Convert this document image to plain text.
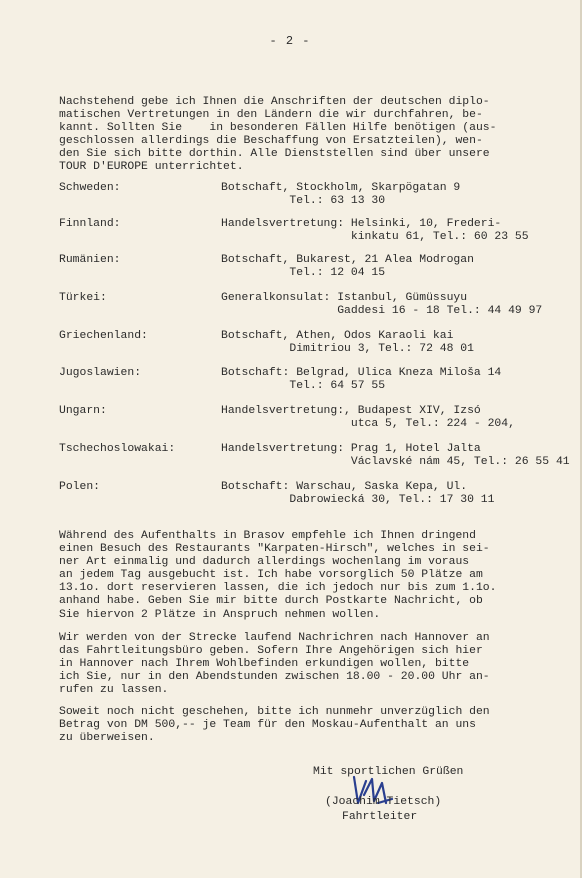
- 2 -

Nachstehend gebe ich Ihnen die Anschriften der deutschen diplo-
matischen Vertretungen in den Ländern die wir durchfahren, be-
kannt. Sollten Sie    in besonderen Fällen Hilfe benötigen (aus-
geschlossen allerdings die Beschaffung von Ersatzteilen), wen-
den Sie sich bitte dorthin. Alle Dienststellen sind über unsere
TOUR D'EUROPE unterrichtet.

Schweden:	Botschaft, Stockholm, Skarpögatan 9
Tel.: 63 13 30
Finnland:	Handelsvertretung: Helsinki, 10, Frederi-
kinkatu 61, Tel.: 60 23 55
Rumänien:	Botschaft, Bukarest, 21 Alea Modrogan
Tel.: 12 04 15
Türkei:	Generalkonsulat: Istanbul, Gümüssuyu
Gaddesi 16 - 18 Tel.: 44 49 97
Griechenland:	Botschaft, Athen, Odos Karaoli kai
Dimitriou 3, Tel.: 72 48 01
Jugoslawien:	Botschaft: Belgrad, Ulica Kneza Miloša 14
Tel.: 64 57 55
Ungarn:	Handelsvertretung:, Budapest XIV, Izsó
utca 5, Tel.: 224 - 204,
Tschechoslowakai:	Handelsvertretung: Prag 1, Hotel Jalta
Václavské nám 45, Tel.: 26 55 41
Polen:	Botschaft: Warschau, Saska Kepa, Ul.
Dabrowiecká 30, Tel.: 17 30 11

Während des Aufenthalts in Brasov empfehle ich Ihnen dringend
einen Besuch des Restaurants "Karpaten-Hirsch", welches in sei-
ner Art einmalig und dadurch allerdings wochenlang im voraus
an jedem Tag ausgebucht ist. Ich habe vorsorglich 50 Plätze am
13.1o. dort reservieren lassen, die ich jedoch nur bis zum 1.1o.
anhand habe. Geben Sie mir bitte durch Postkarte Nachricht, ob
Sie hiervon 2 Plätze in Anspruch nehmen wollen.

Wir werden von der Strecke laufend Nachrichren nach Hannover an
das Fahrtleitungsbüro geben. Sofern Ihre Angehörigen sich hier
in Hannover nach Ihrem Wohlbefinden erkundigen wollen, bitte
ich Sie, nur in den Abendstunden zwischen 18.00 - 20.00 Uhr an-
rufen zu lassen.

Soweit noch nicht geschehen, bitte ich nunmehr unverzüglich den
Betrag von DM 500,-- je Team für den Moskau-Aufenthalt an uns
zu überweisen.

Mit sportlichen Grüßen
(Joachim Tietsch)
Fahrtleiter
